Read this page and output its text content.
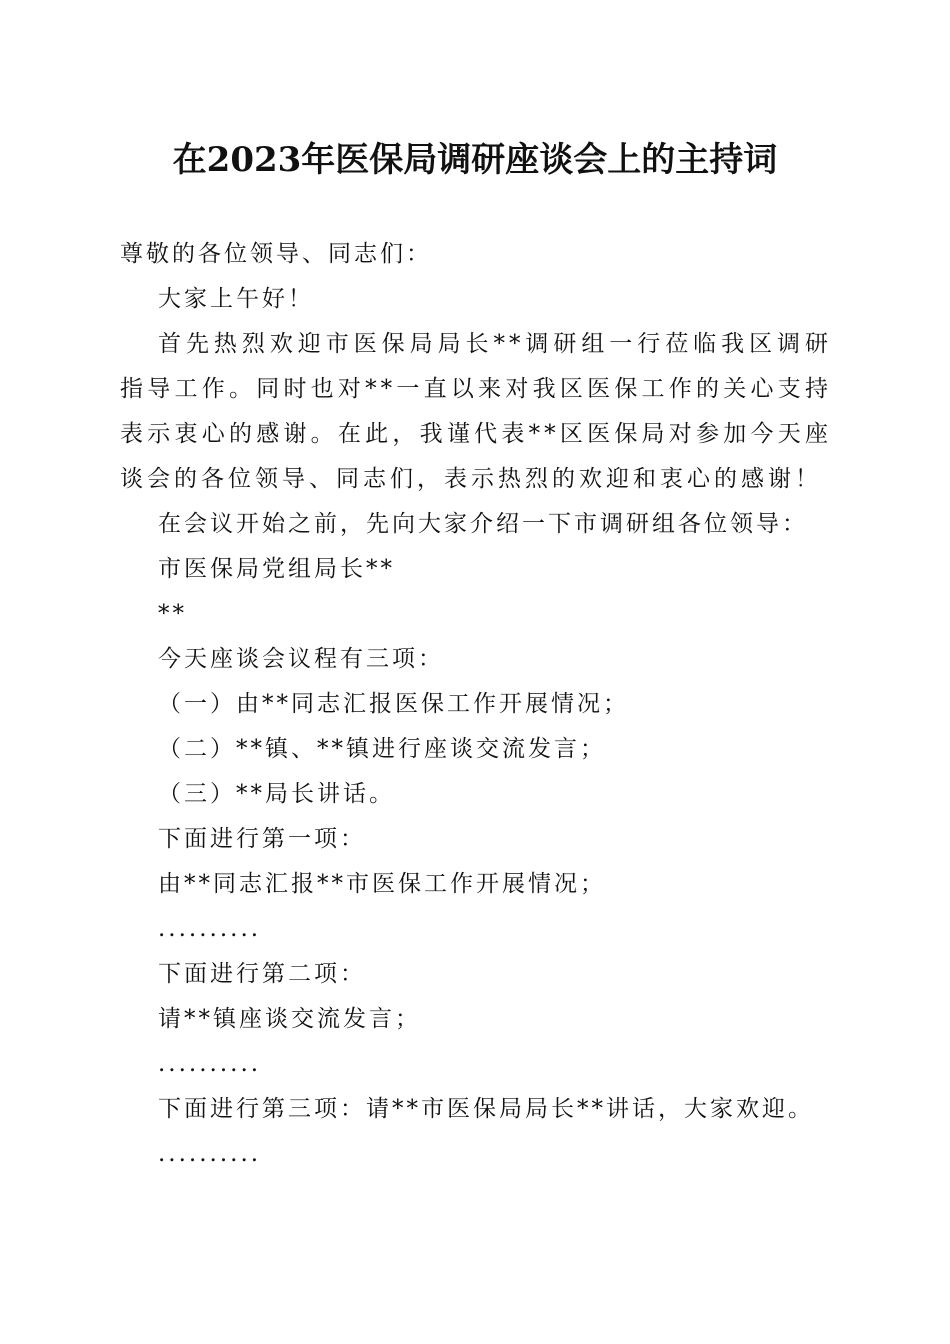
在2023年医保局调研座谈会上的主持词

尊敬的各位领导、同志们：

大家上午好！

首先热烈欢迎市医保局局长**调研组一行莅临我区调研指导工作。同时也对**一直以来对我区医保工作的关心支持表示衷心的感谢。在此，我谨代表**区医保局对参加今天座谈会的各位领导、同志们，表示热烈的欢迎和衷心的感谢！

在会议开始之前，先向大家介绍一下市调研组各位领导：

市医保局党组局长**

**

今天座谈会议程有三项：

（一）由**同志汇报医保工作开展情况；

（二）**镇、**镇进行座谈交流发言；

（三）**局长讲话。

下面进行第一项：

由**同志汇报**市医保工作开展情况；

..........

下面进行第二项：

请**镇座谈交流发言；

..........

下面进行第三项：请**市医保局局长**讲话，大家欢迎。

..........
